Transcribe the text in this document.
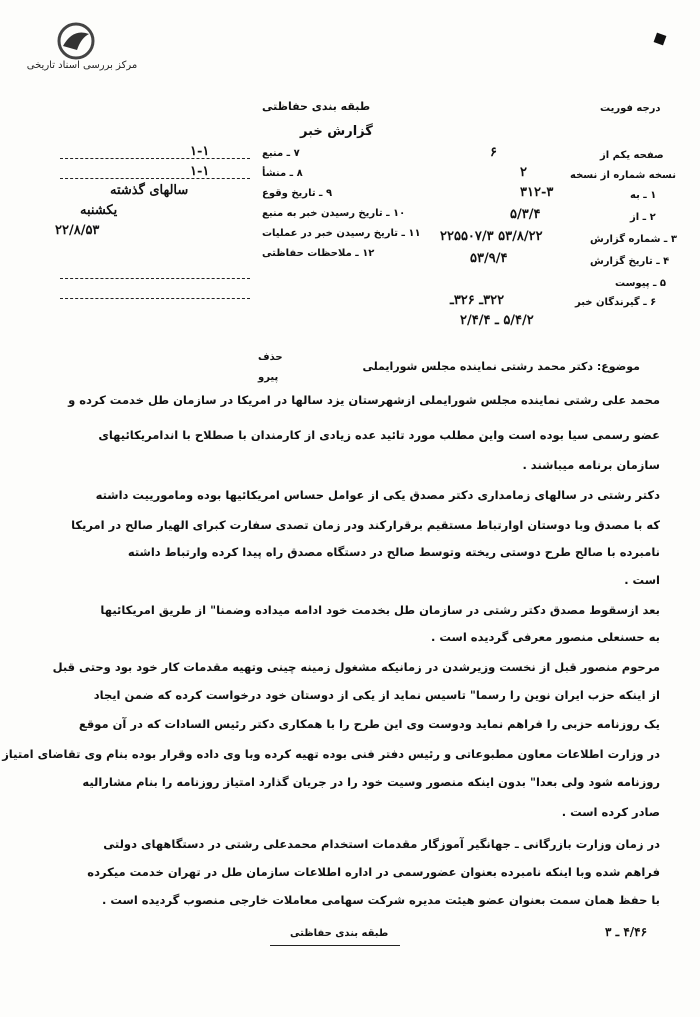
مرکز بررسی اسناد تاریخی
طبقه بندی حفاظتی
گزارش خبر
درجه فوریت
۷ ـ منبع
۱-۱
۸ ـ منشأ
۱-۱
۹ ـ تاریخ وقوع
سالهای گذشته
۱۰ ـ تاریخ رسیدن خبر به منبع
یکشنبه
۱۱ ـ تاریخ رسیدن خبر در عملیات
۲۲/۸/۵۳
۱۲ ـ ملاحظات حفاظتی
صفحه یکم از
۶
نسخه شماره از نسخه
۲
۱ ـ به
۳۱۲-۳
۲ ـ از
۵/۳/۴
۳ ـ شماره گزارش
۲۲۵۵۰۷/۳ ۵۳/۸/۲۲
۴ ـ تاریخ گزارش
۵۳/۹/۴
۵ ـ پیوست
۶ ـ گیرندگان خبر
۳۲۲ـ ۳۲۶ـ
۵/۴/۲ ـ ۲/۴/۴
حذف
پیرو
موضوع: دکتر محمد رشتی نماینده مجلس شورایملی
محمد علی رشتی نماینده مجلس شورایملی ازشهرستان یزد سالها در امریکا در سازمان طل خدمت کرده و
عضو رسمی سیا بوده است واین مطلب مورد تائید عده زیادی از کارمندان با صطلاح با اندامریکائیهای
سازمان برنامه میباشند .
دکتر رشتی در سالهای زمامداری دکتر مصدق یکی از عوامل حساس امریکائیها بوده ومامورییت داشته
که با مصدق وبا دوستان اوارتباط مستقیم برقرارکند ودر زمان تصدی سفارت کبرای الهیار صالح در امریکا
نامبرده با صالح طرح دوستی ریخته وتوسط صالح در دستگاه مصدق راه پیدا کرده وارتباط داشته
است .
بعد ازسقوط مصدق دکتر رشتی در سازمان طل بخدمت خود ادامه میداده وضمنا" از طریق امریکائیها
به حسنعلی منصور معرفی گردیده است .
مرحوم منصور قبل از نخست وزیرشدن در زمانیکه مشغول زمینه چینی وتهیه مقدمات کار خود بود وحتی قبل
از اینکه حزب ایران نوین را رسما" تاسیس نماید از یکی از دوستان خود درخواست کرده که ضمن ایجاد
یک روزنامه حزبی را فراهم نماید ودوست وی این طرح را با همکاری دکتر رئیس السادات که در آن موقع
در وزارت اطلاعات معاون مطبوعاتی و رئیس دفتر فنی بوده تهیه کرده وبا وی داده وقرار بوده بنام وی تقاضای امتیاز
روزنامه شود ولی بعدا" بدون اینکه منصور وسیت خود را در جریان گذارد امتیاز روزنامه را بنام مشارالیه
صادر کرده است .
در زمان وزارت بازرگانی ـ جهانگیر آموزگار مقدمات استخدام محمدعلی رشتی در دستگاههای دولتی
فراهم شده وبا اینکه نامبرده بعنوان عضورسمی در اداره اطلاعات سازمان طل در تهران خدمت میکرده
با حفظ همان سمت بعنوان عضو هیئت مدیره شرکت سهامی معاملات خارجی منصوب گردیده است .
طبقه بندی حفاظتی	۴/۴۶ ـ ۳
